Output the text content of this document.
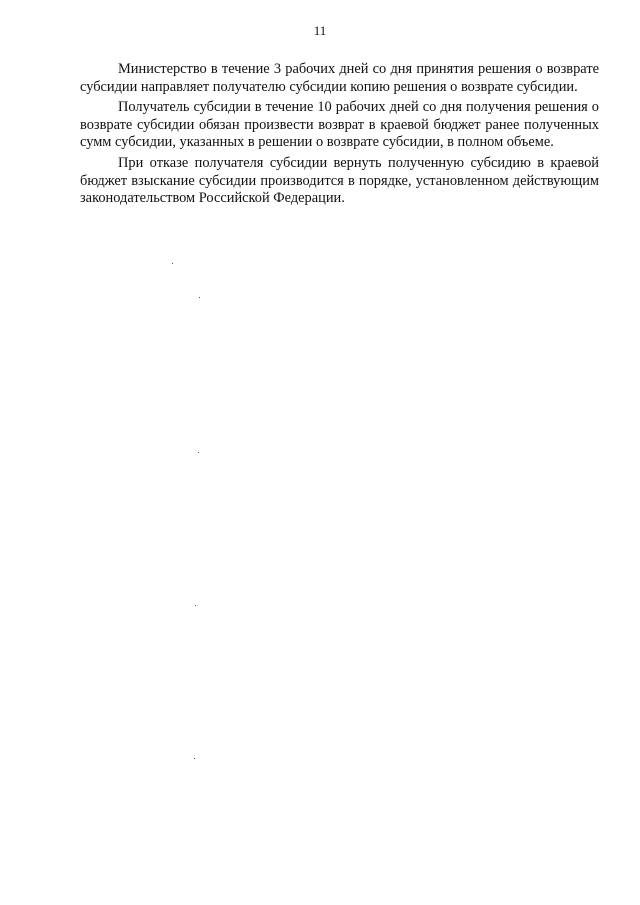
11

Министерство в течение 3 рабочих дней со дня принятия решения о возврате субсидии направляет получателю субсидии копию решения о возврате субсидии.

Получатель субсидии в течение 10 рабочих дней со дня получения решения о возврате субсидии обязан произвести возврат в краевой бюджет ранее полученных сумм субсидии, указанных в решении о возврате субсидии, в полном объеме.

При отказе получателя субсидии вернуть полученную субсидию в краевой бюджет взыскание субсидии производится в порядке, установленном действующим законодательством Российской Федерации.
